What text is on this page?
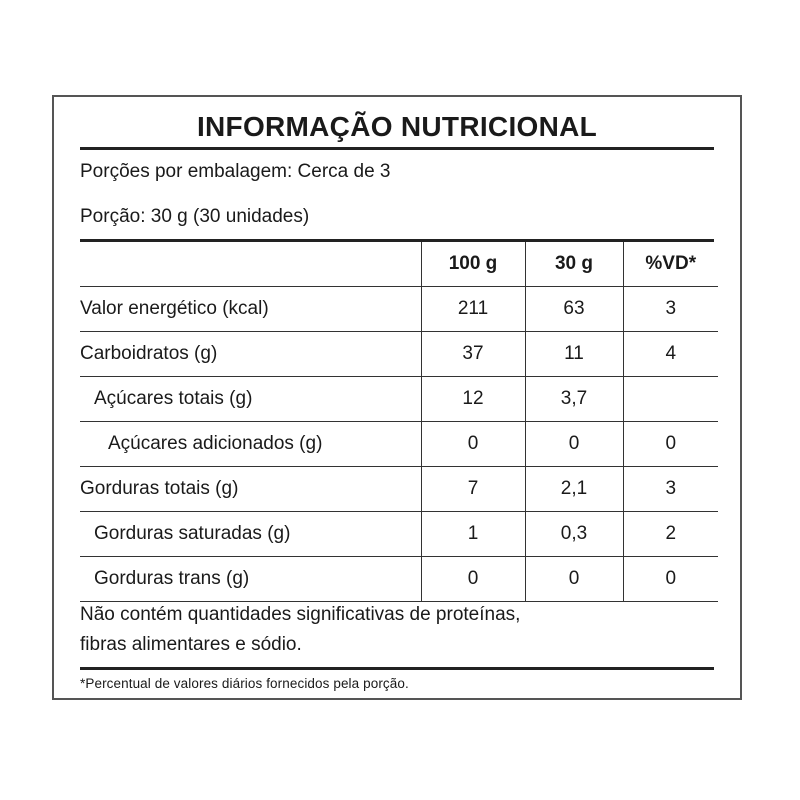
INFORMAÇÃO NUTRICIONAL
Porções por embalagem: Cerca de 3
Porção: 30 g (30 unidades)
	100 g	30 g	%VD*
Valor energético (kcal)	211	63	3
Carboidratos (g)	37	11	4
Açúcares totais (g)	12	3,7	
Açúcares adicionados (g)	0	0	0
Gorduras totais (g)	7	2,1	3
Gorduras saturadas (g)	1	0,3	2
Gorduras trans (g)	0	0	0
Não contém quantidades significativas de proteínas,
fibras alimentares e sódio.
*Percentual de valores diários fornecidos pela porção.
